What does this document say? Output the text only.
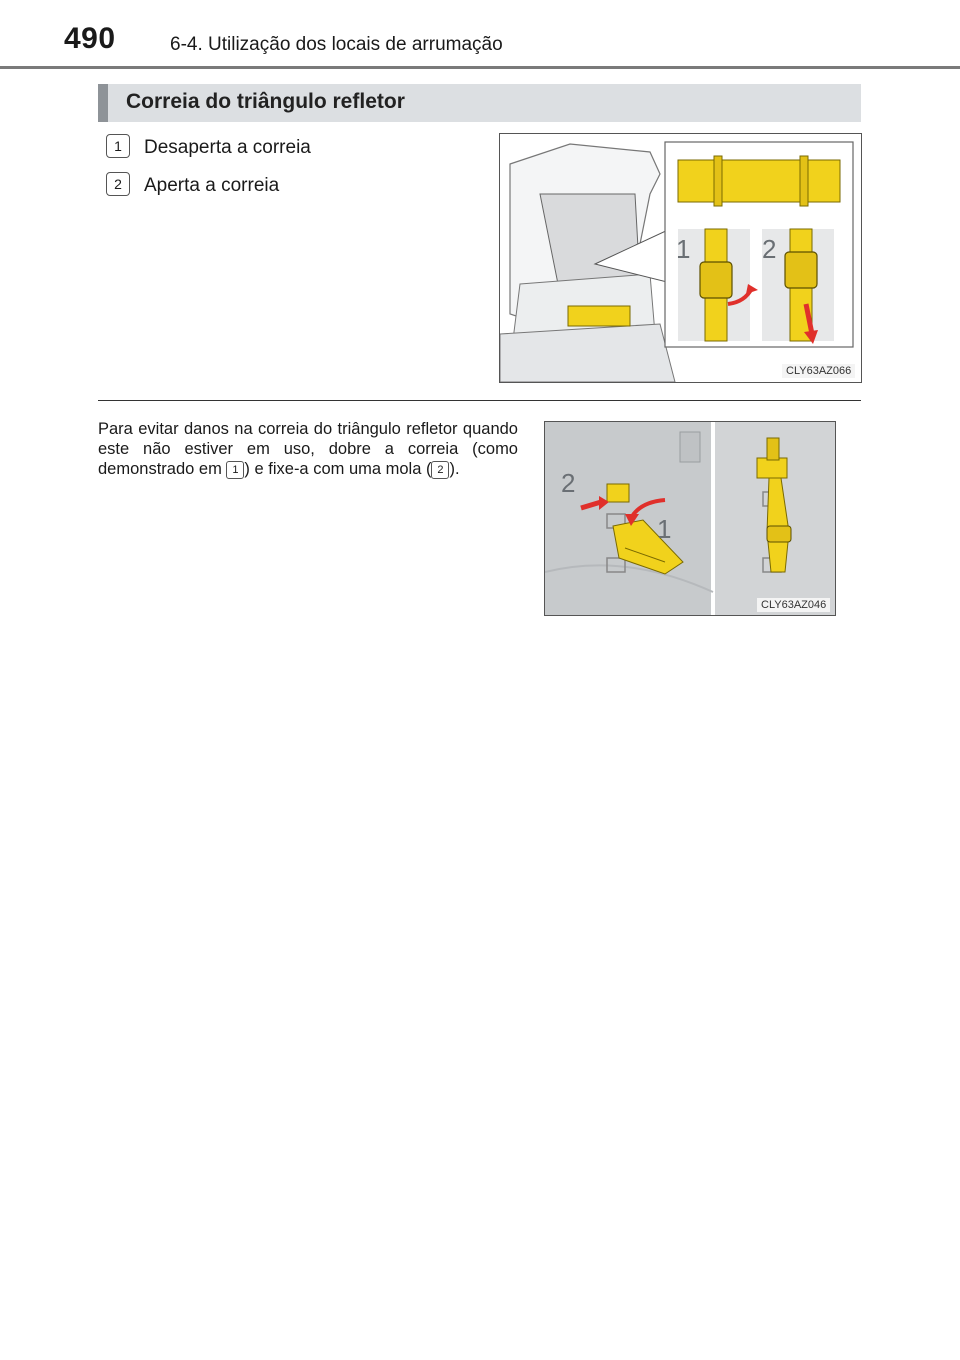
490	6-4. Utilização dos locais de arrumação
Correia do triângulo refletor
1 Desaperta a correia
2 Aperta a correia
CLY63AZ066
1	2
Para evitar danos na correia do triângulo refletor quando este não estiver em uso, dobre a correia (como demonstrado em 1 ) e fixe-a com uma mola ( 2 ).	2
1
CLY63AZ046
